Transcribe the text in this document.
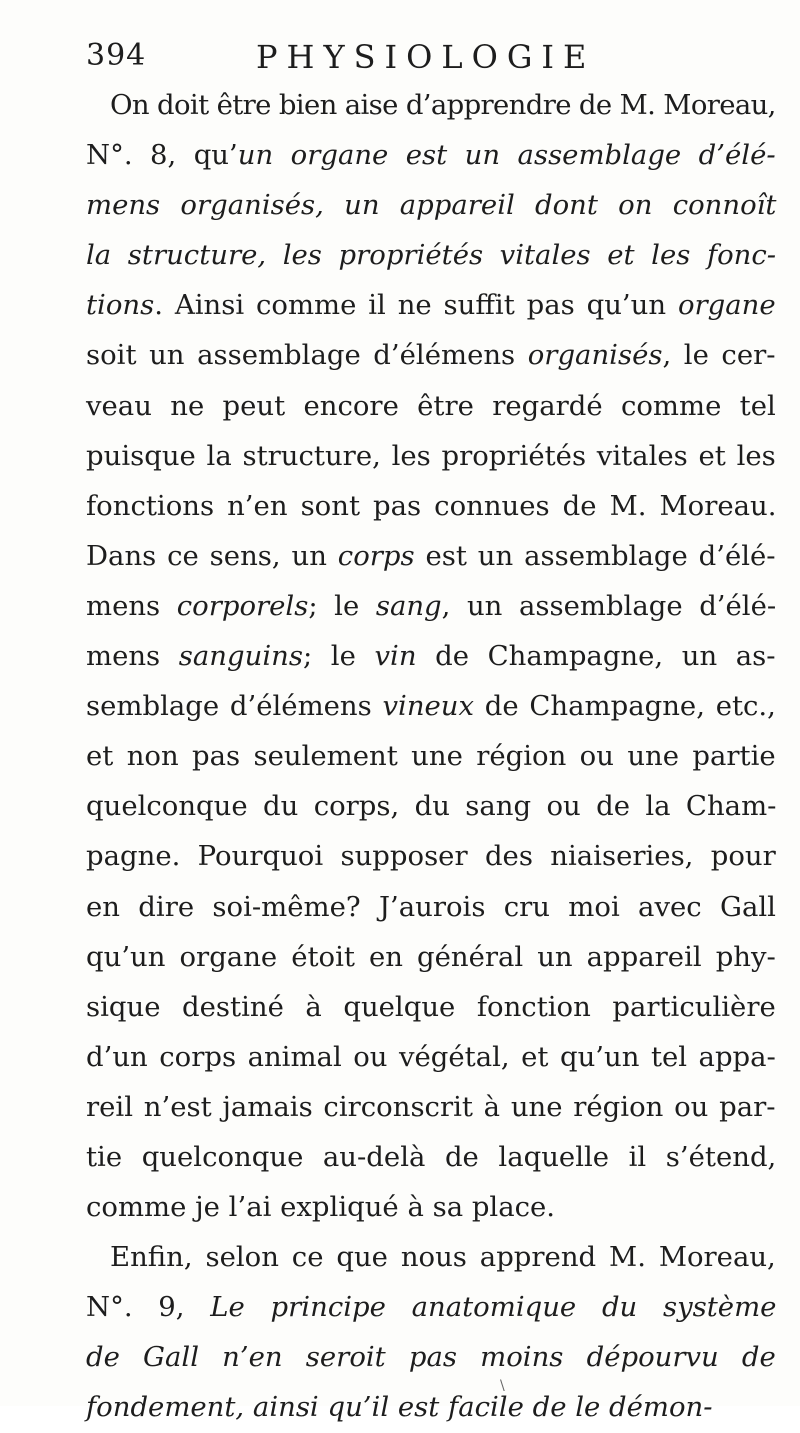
394	PHYSIOLOGIE
On doit être bien aise d’apprendre de M. Moreau,
N°. 8, qu’un organe est un assemblage d’élé-
mens organisés, un appareil dont on connoît
la structure, les propriétés vitales et les fonc-
tions. Ainsi comme il ne suffit pas qu’un organe
soit un assemblage d’élémens organisés, le cer-
veau ne peut encore être regardé comme tel
puisque la structure, les propriétés vitales et les
fonctions n’en sont pas connues de M. Moreau.
Dans ce sens, un corps est un assemblage d’élé-
mens corporels; le sang, un assemblage d’élé-
mens sanguins; le vin de Champagne, un as-
semblage d’élémens vineux de Champagne, etc.,
et non pas seulement une région ou une partie
quelconque du corps, du sang ou de la Cham-
pagne. Pourquoi supposer des niaiseries, pour
en dire soi-même? J’aurois cru moi avec Gall
qu’un organe étoit en général un appareil phy-
sique destiné à quelque fonction particulière
d’un corps animal ou végétal, et qu’un tel appa-
reil n’est jamais circonscrit à une région ou par-
tie quelconque au-delà de laquelle il s’étend,
comme je l’ai expliqué à sa place.
Enfin, selon ce que nous apprend M. Moreau,
N°. 9, Le principe anatomique du système
de Gall n’en seroit pas moins dépourvu de
fondement, ainsi qu’il est facile de le démon-
\
